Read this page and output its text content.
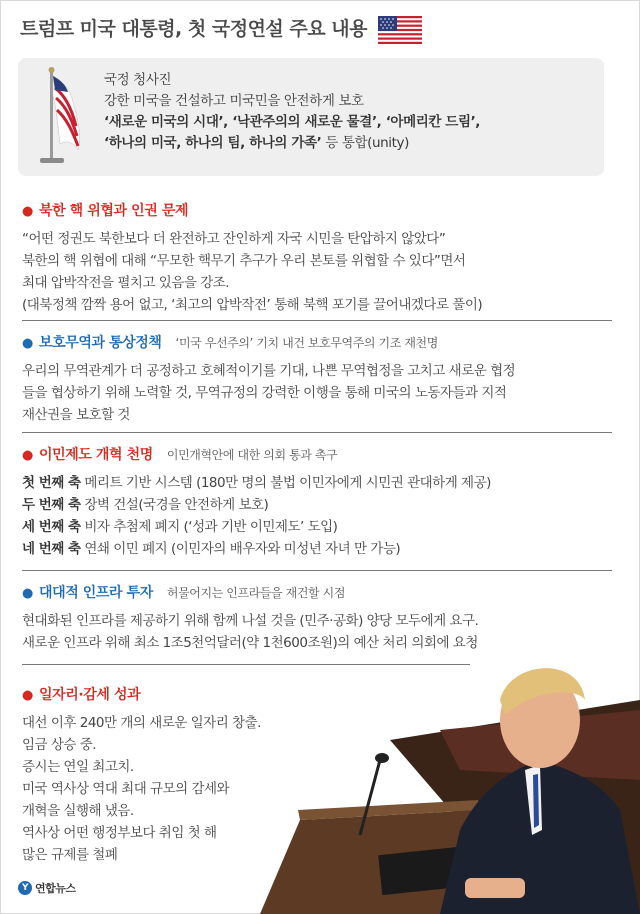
트럼프 미국 대통령, 첫 국정연설 주요 내용
국정 청사진
강한 미국을 건설하고 미국민을 안전하게 보호
‘새로운 미국의 시대’, ‘낙관주의의 새로운 물결’, ‘아메리칸 드림’,
‘하나의 미국, 하나의 팀, 하나의 가족’ 등 통합(unity)
● 북한 핵 위협과 인권 문제
“어떤 정권도 북한보다 더 완전하고 잔인하게 자국 시민을 탄압하지 않았다”
북한의 핵 위협에 대해 “무모한 핵무기 추구가 우리 본토를 위협할 수 있다”면서
최대 압박작전을 펼치고 있음을 강조.
(대북정책 깜짝 용어 없고, ‘최고의 압박작전’ 통해 북핵 포기를 끌어내겠다로 풀이)
● 보호무역과 통상정책 ‘미국 우선주의’ 기치 내건 보호무역주의 기조 재천명
우리의 무역관계가 더 공정하고 호혜적이기를 기대, 나쁜 무역협정을 고치고 새로운 협정
들을 협상하기 위해 노력할 것, 무역규정의 강력한 이행을 통해 미국의 노동자들과 지적
재산권을 보호할 것
● 이민제도 개혁 천명 이민개혁안에 대한 의회 통과 촉구
첫 번째 축 메리트 기반 시스템 (180만 명의 불법 이민자에게 시민권 관대하게 제공)
두 번째 축 장벽 건설(국경을 안전하게 보호)
세 번째 축 비자 추첨제 폐지 (‘성과 기반 이민제도’ 도입)
네 번째 축 연쇄 이민 폐지 (이민자의 배우자와 미성년 자녀 만 가능)
● 대대적 인프라 투자 허물어지는 인프라들을 재건할 시점
현대화된 인프라를 제공하기 위해 함께 나설 것을 (민주·공화) 양당 모두에게 요구.
새로운 인프라 위해 최소 1조5천억달러(약 1천600조원)의 예산 처리 의회에 요청
● 일자리·감세 성과
대선 이후 240만 개의 새로운 일자리 창출.
임금 상승 중.
증시는 연일 최고치.
미국 역사상 역대 최대 규모의 감세와
개혁을 실행해 냈음.
역사상 어떤 행정부보다 취임 첫 해
많은 규제를 철폐
Y 연합뉴스
